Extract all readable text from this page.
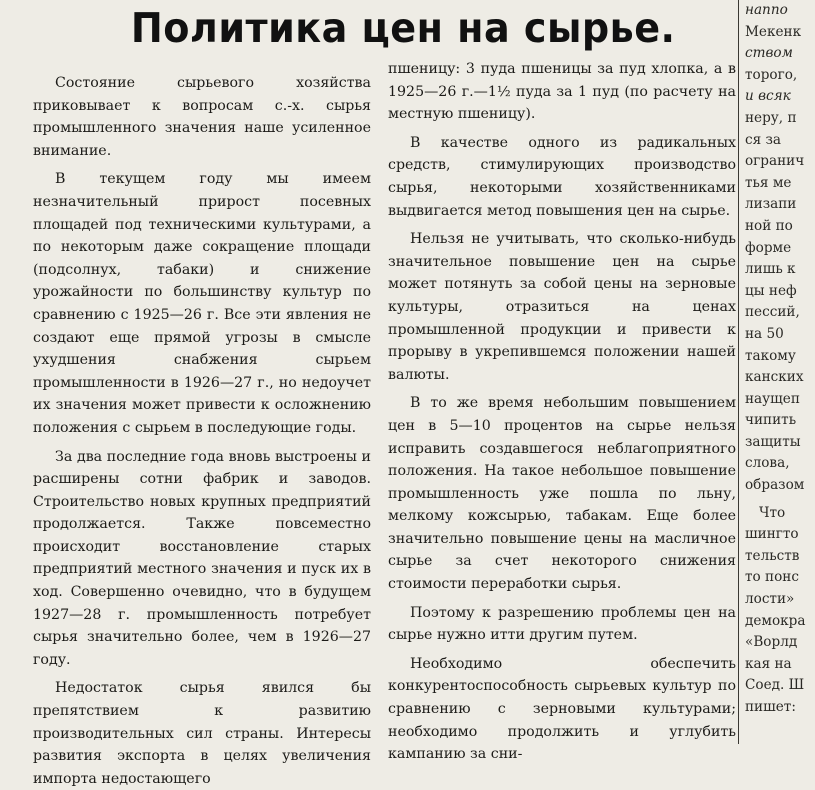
Политика цен на сырье.

Состояние сырьевого хозяйства приковывает к вопросам с.-х. сырья промышленного значения наше усиленное внимание.

В текущем году мы имеем незначительный прирост посевных площадей под техническими культурами, а по некоторым даже сокращение площади (подсолнух, табаки) и снижение урожайности по большинству культур по сравнению с 1925—26 г. Все эти явления не создают еще прямой угрозы в смысле ухудшения снабжения сырьем промышленности в 1926—27 г., но недоучет их значения может привести к осложнению положения с сырьем в последующие годы.

За два последние года вновь выстроены и расширены сотни фабрик и заводов. Строительство новых крупных предприятий продолжается. Также повсеместно происходит восстановление старых предприятий местного значения и пуск их в ход. Совершенно очевидно, что в будущем 1927—28 г. промышленность потребует сырья значительно более, чем в 1926—27 году.

Недостаток сырья явился бы препятствием к развитию производительных сил страны. Интересы развития экспорта в целях увеличения импорта недостающего

пшеницу: 3 пуда пшеницы за пуд хлопка, а в 1925—26 г.—1½ пуда за 1 пуд (по расчету на местную пшеницу).

В качестве одного из радикальных средств, стимулирующих производство сырья, некоторыми хозяйственниками выдвигается метод повышения цен на сырье.

Нельзя не учитывать, что сколько-нибудь значительное повышение цен на сырье может потянуть за собой цены на зерновые культуры, отразиться на ценах промышленной продукции и привести к прорыву в укрепившемся положении нашей валюты.

В то же время небольшим повышением цен в 5—10 процентов на сырье нельзя исправить создавшегося неблагоприятного положения. На такое небольшое повышение промышленность уже пошла по льну, мелкому кожсырью, табакам. Еще более значительно повышение цены на масличное сырье за счет некоторого снижения стоимости переработки сырья.

Поэтому к разрешению проблемы цен на сырье нужно итти другим путем.

Необходимо обеспечить конкурентоспособность сырьевых культур по сравнению с зерновыми культурами; необходимо продолжить и углубить кампанию за сни-

наппо
Мекенк
ством
торого,
и всяк
неру, п
ся за
огранич
тья ме
лизапи
ной по
форме
лишь к
цы неф
пессий,
на 50
такому
канских
наущеп
чипить
защиты
слова,
образом
Что
шингто
тельств
то понс
лости»
демокра
«Ворлд
кая на
Соед. Ш
пишет:
